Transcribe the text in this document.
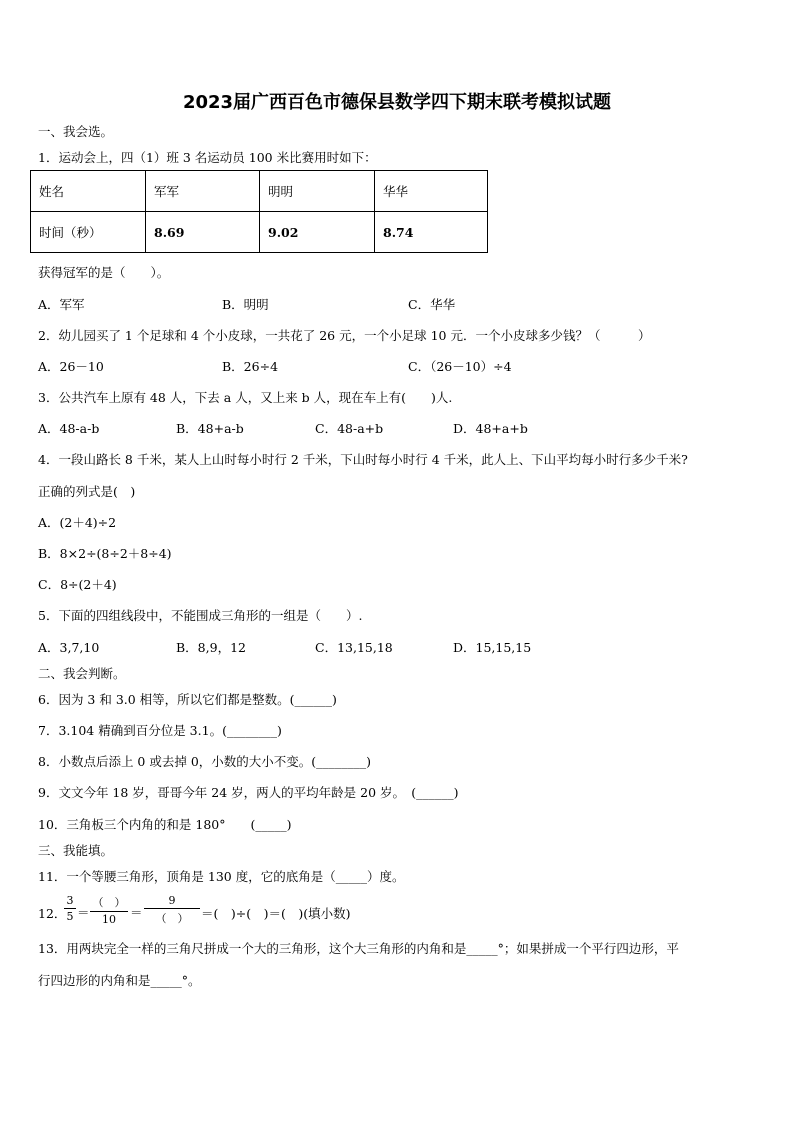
2023届广西百色市德保县数学四下期末联考模拟试题
一、我会选。
1．运动会上，四（1）班 3 名运动员 100 米比赛用时如下：
姓名	军军	明明	华华
时间（秒）	8.69	9.02	8.74
获得冠军的是（　　）。
A．军军	B．明明	C．华华
2．幼儿园买了 1 个足球和 4 个小皮球，一共花了 26 元，一个小足球 10 元．一个小皮球多少钱？（　　　）
A．26－10	B．26÷4	C．（26－10）÷4
3．公共汽车上原有 48 人，下去 a 人，又上来 b 人，现在车上有(　　)人.
A．48-a-b	B．48+a-b	C．48-a+b	D．48+a+b
4．一段山路长 8 千米，某人上山时每小时行 2 千米，下山时每小时行 4 千米，此人上、下山平均每小时行多少千米?
正确的列式是(　)
A．(2＋4)÷2
B．8×2÷(8÷2＋8÷4)
C．8÷(2＋4)
5．下面的四组线段中，不能围成三角形的一组是（　　）.
A．3,7,10	B．8,9，12	C．13,15,18	D．15,15,15
二、我会判断。
6．因为 3 和 3.0 相等，所以它们都是整数。(______)
7．3.104 精确到百分位是 3.1。(________)
8．小数点后添上 0 或去掉 0，小数的大小不变。(________)
9．文文今年 18 岁，哥哥今年 24 岁，两人的平均年龄是 20 岁。　(______)
10．三角板三个内角的和是 180°　　(_____)
三、我能填。
11．一个等腰三角形，顶角是 130 度，它的底角是（_____）度。
12．
$\frac{3}{5}$ ＝
（　）
10	＝
9
（　）	＝(　)÷(　)＝(　)(填小数)
13．用两块完全一样的三角尺拼成一个大的三角形，这个大三角形的内角和是_____°；如果拼成一个平行四边形，平
行四边形的内角和是_____°。
